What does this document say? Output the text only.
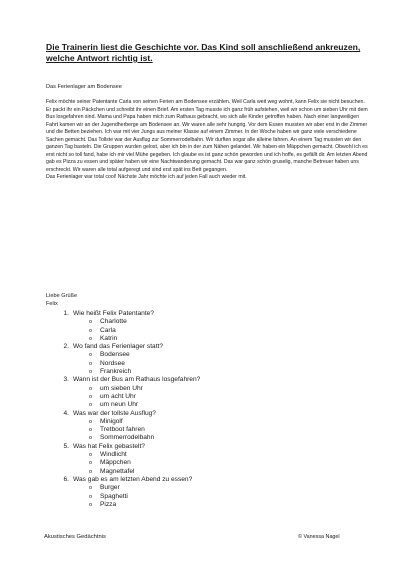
Die Trainerin liest die Geschichte vor. Das Kind soll anschließend ankreuzen, welche Antwort richtig ist.
Das Ferienlager am Bodensee

Felix möchte seiner Patentante Carla von seinen Ferien am Bodensee erzählen. Weil Carla weit weg wohnt, kann Felix sie nicht besuchen. Er packt ihr ein Päckchen und schreibt ihr einen Brief. Am ersten Tag musste ich ganz früh aufstehen, weil wir schon um sieben Uhr mit dem Bus losgefahren sind. Mama und Papa haben mich zum Rathaus gebracht, wo sich alle Kinder getroffen haben. Nach einer langweiligen Fahrt kamen wir an der Jugendherberge am Bodensee an. Wir waren alle sehr hungrig. Vor dem Essen mussten wir aber erst in die Zimmer und die Betten beziehen. Ich war mit vier Jungs aus meiner Klasse auf einem Zimmer. In der Woche haben wir ganz viele verschiedene Sachen gemacht. Das Tollste war der Ausflug zur Sommerrodelbahn. Wir durften sogar alle alleine fahren. An einem Tag mussten wir den ganzen Tag basteln. Die Gruppen wurden gelost, aber ich bin in der zum Nähen gelandet. Wir haben ein Mäppchen gemacht. Obwohl ich es erst nicht so toll fand, habe ich mir viel Mühe gegeben. Ich glaube es ist ganz schön geworden und ich hoffe, es gefällt dir. Am letzten Abend gab es Pizza zu essen und später haben wir eine Nachtwanderung gemacht. Das war ganz schön gruselig, manche Betreuer haben uns erschreckt. Wir waren alle total aufgeregt und sind erst spät ins Bett gegangen.

Das Ferienlager war total cool! Nächste Jahr möchte ich auf jeden Fall auch wieder mit.

Liebe Grüße
Felix
1. Wie heißt Felix Patentante?
o	Charlotte
o	Carla
o	Katrin
2. Wo fand das Ferienlager statt?
o	Bodensee
o	Nordsee
o	Frankreich
3. Wann ist der Bus am Rathaus losgefahren?
o	um sieben Uhr
o	um acht Uhr
o	um neun Uhr
4. Was war der tollste Ausflug?
o	Minigolf
o	Tretboot fahren
o	Sommerrodelbahn
5. Was hat Felix gebastelt?
o	Windlicht
o	Mäppchen
o	Magnettafel
6. Was gab es am letzten Abend zu essen?
o	Burger
o	Spaghetti
o	Pizza
Akustisches Gedächtnis	© Vanessa Nagel
